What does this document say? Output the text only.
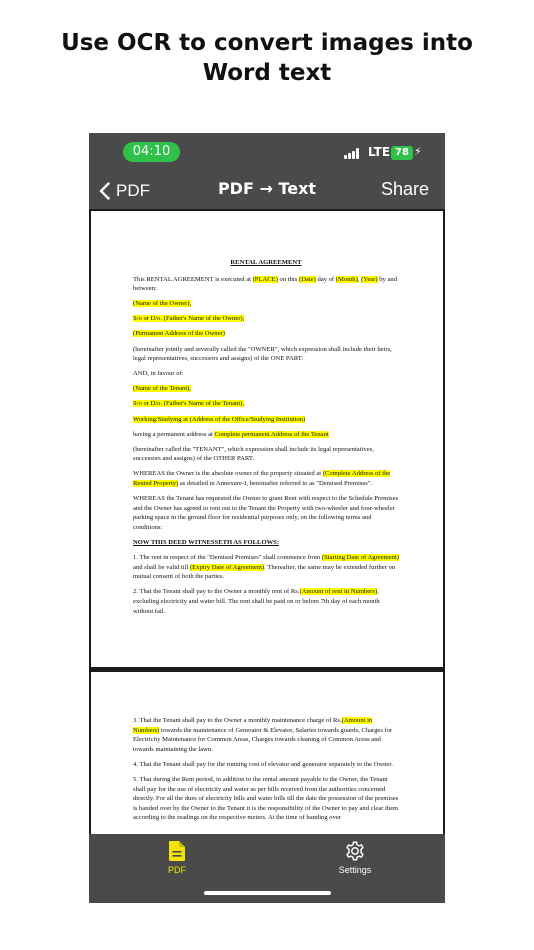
Use OCR to convert images into
Word text
04:10	LTE 78 ⚡
PDF	PDF → Text	Share
RENTAL AGREEMENT
This RENTAL AGREEMENT is executed at (PLACE) on this (Date) day of (Month), (Year) by and between:
(Name of the Owner),
S/o or D/o. (Father's Name of the Owner),
(Permanent Address of the Owner)
(hereinafter jointly and severally called the "OWNER", which expression shall include their heirs, legal representatives, successors and assigns) of the ONE PART:
AND, in favour of:
(Name of the Tenant),
S/o or D/o. (Father's Name of the Tenant),
Working/Studying at (Address of the Office/Studying Institution)
having a permanent address at Complete permanent Address of the Tenant
(hereinafter called the "TENANT", which expression shall include its legal representatives, successors and assigns) of the OTHER PART.
WHEREAS the Owner is the absolute owner of the property situated at (Complete Address of the Rented Property) as detailed in Annexure-I, hereinafter referred to as "Demised Premises".
WHEREAS the Tenant has requested the Owner to grant Rent with respect to the Schedule Premises and the Owner has agreed to rent out to the Tenant the Property with two-wheeler and four-wheeler parking space in the ground floor for residential purposes only, on the following terms and conditions:
NOW THIS DEED WITNESSETH AS FOLLOWS:
1. The rent in respect of the "Demised Premises" shall commence from (Starting Date of Agreement) and shall be valid till (Expiry Date of Agreement). Thereafter, the same may be extended further on mutual consent of both the parties.
2. That the Tenant shall pay to the Owner a monthly rent of Rs.(Amount of rent in Numbers), excluding electricity and water bill. The rent shall be paid on or before 7th day of each month without fail.
3. That the Tenant shall pay to the Owner a monthly maintenance charge of Rs.(Amount in Numbers) towards the maintenance of Generator & Elevator, Salaries towards guards, Charges for Electricity Maintenance for Common Areas, Charges towards cleaning of Common Areas and towards maintaining the lawn.
4. That the Tenant shall pay for the running cost of elevator and generator separately to the Owner.
5. That during the Rent period, in addition to the rental amount payable to the Owner, the Tenant shall pay for the use of electricity and water as per bills received from the authorities concerned directly. For all the dues of electricity bills and water bills till the date the possession of the premises is handed over by the Owner to the Tenant it is the responsibility of the Owner to pay and clear them according to the readings on the respective meters. At the time of handing over
PDF	Settings
